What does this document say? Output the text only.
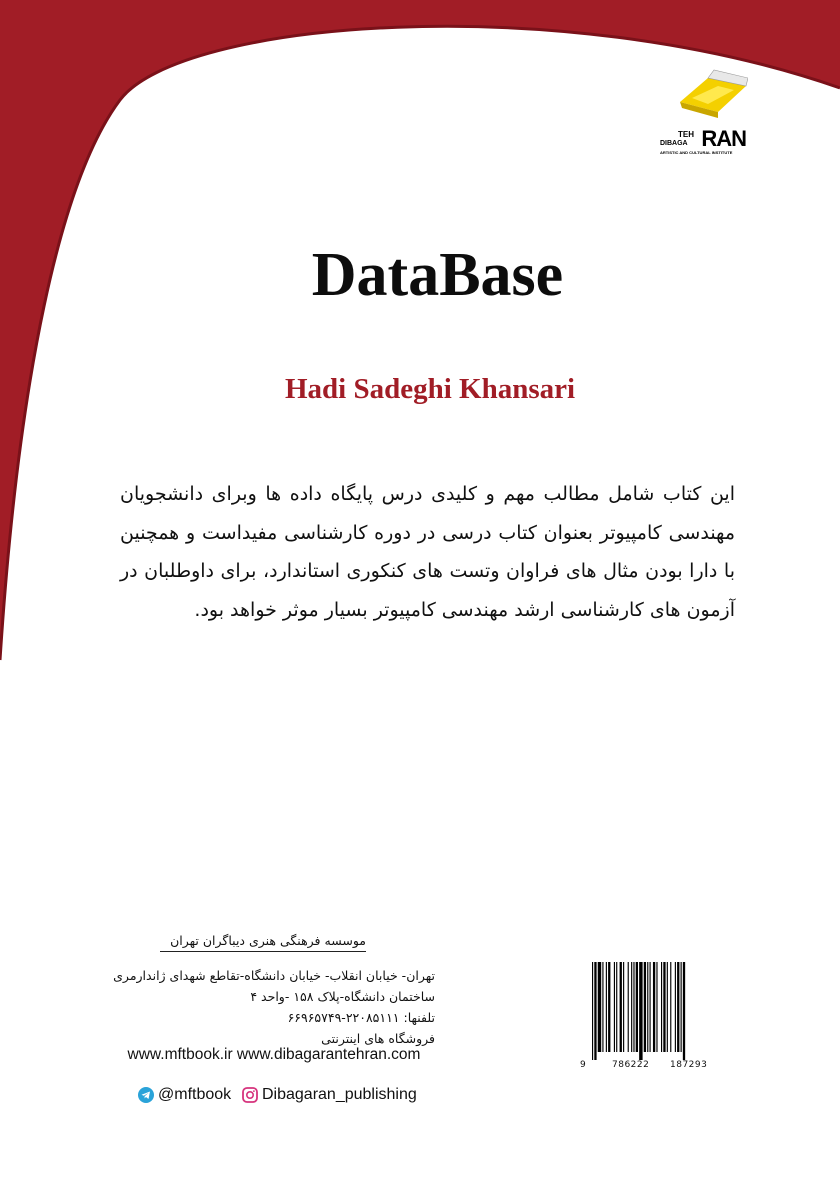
TEH
DIBAGA RAN
ARTISTIC AND CULTURAL INSTITUTE
DataBase
Hadi Sadeghi Khansari
این کتاب شامل مطالب مهم و کلیدی درس پایگاه داده ها وبرای دانشجویان مهندسی کامپیوتر بعنوان کتاب درسی در دوره کارشناسی مفیداست و همچنین با دارا بودن مثال های فراوان وتست های کنکوری استاندارد، برای داوطلبان در آزمون های کارشناسی ارشد مهندسی کامپیوتر بسیار موثر خواهد بود.
موسسه فرهنگی هنری دیباگران تهران
تهران- خیابان انقلاب- خیابان دانشگاه-تقاطع شهدای ژاندارمری
ساختمان دانشگاه-پلاک ۱۵۸ -واحد ۴
تلفنها: ۲۲۰۸۵۱۱۱-۶۶۹۶۵۷۴۹
فروشگاه های اینترنتی
www.mftbook.ir www.dibagarantehran.com
@mftbook Dibagaran_publishing
9	786222 187293
